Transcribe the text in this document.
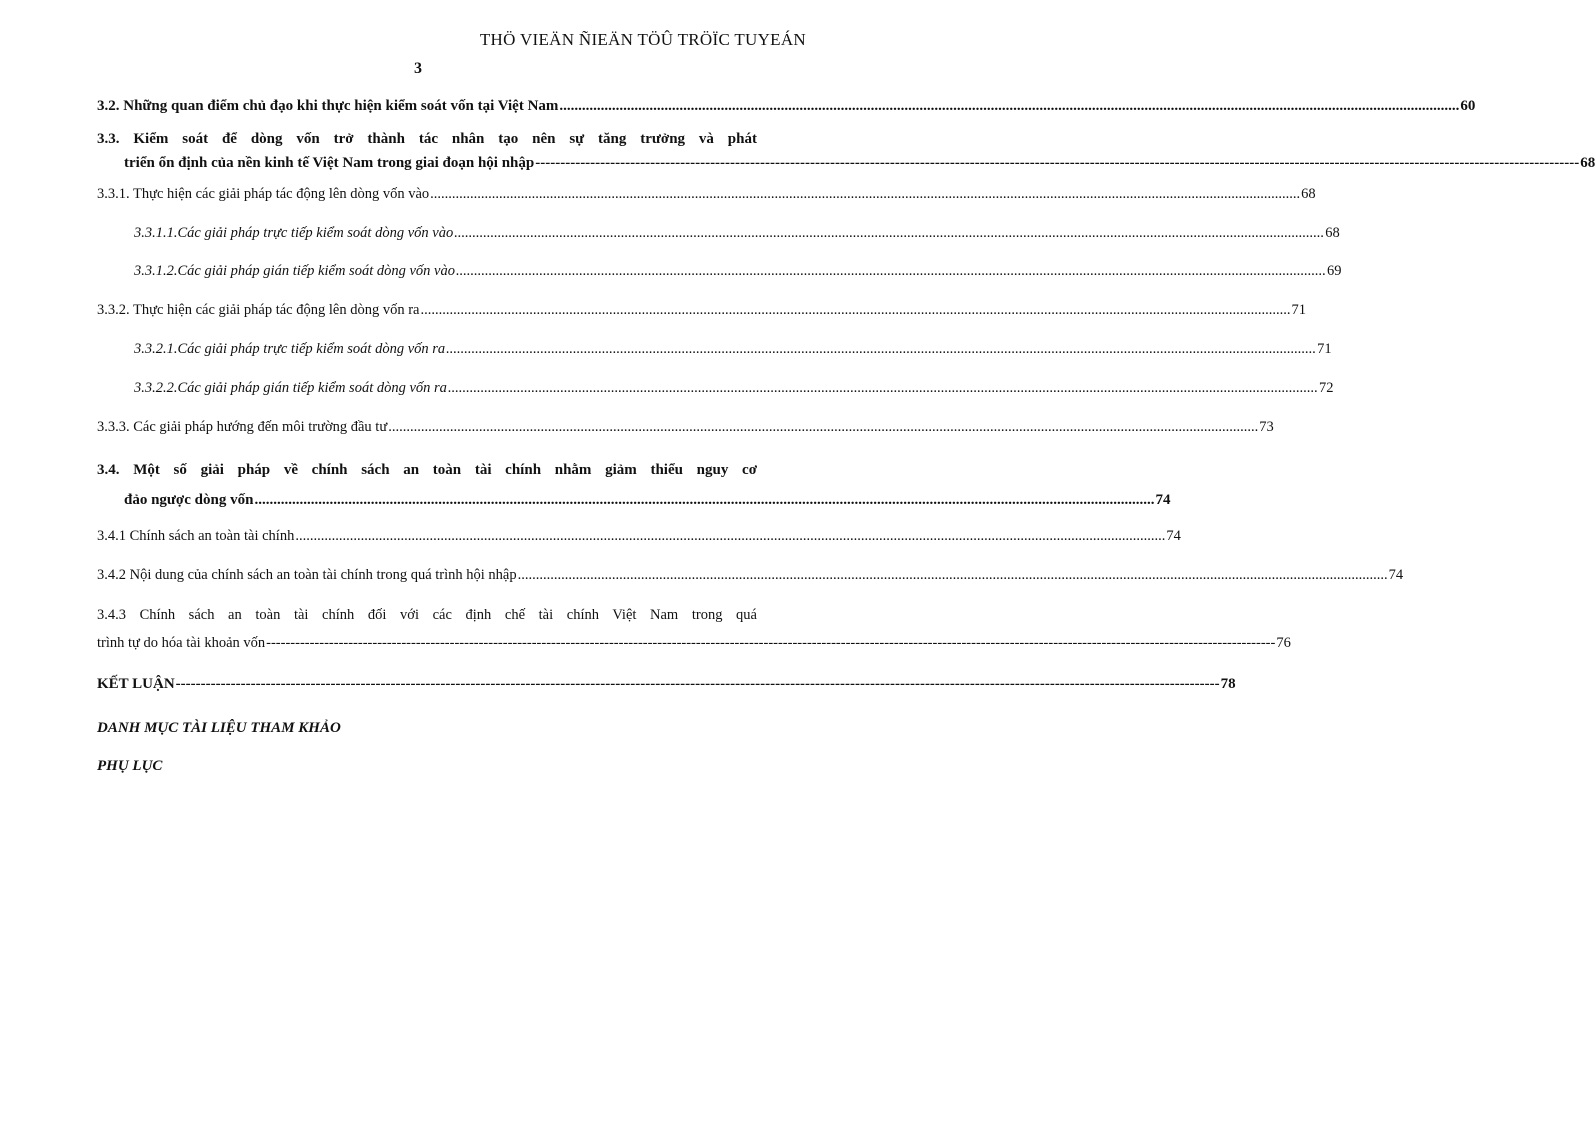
THÖ VIEÄN ÑIEÄN TÖÛ TRÖÏC TUYEÁN
3
3.2. Những quan điểm chủ đạo khi thực hiện kiểm soát vốn tại Việt Nam .....	60
3.3. Kiểm soát để dòng vốn trở thành tác nhân tạo nên sự tăng trưởng và phát
triển ổn định của nền kinh tế Việt Nam trong giai đoạn hội nhập -----	68
3.3.1. Thực hiện các giải pháp tác động lên dòng vốn vào .....	68
3.3.1.1.Các giải pháp trực tiếp kiểm soát dòng vốn vào .....	68
3.3.1.2.Các giải pháp gián tiếp kiểm soát dòng vốn vào .....	69
3.3.2. Thực hiện các giải pháp tác động lên dòng vốn ra .....	71
3.3.2.1.Các giải pháp trực tiếp kiểm soát dòng vốn ra .....	71
3.3.2.2.Các giải pháp gián tiếp kiểm soát dòng vốn ra .....	72
3.3.3. Các giải pháp hướng đến môi trường đầu tư .....	73
3.4. Một số giải pháp về chính sách an toàn tài chính nhằm giảm thiểu nguy cơ
đảo ngược dòng vốn .....	74
3.4.1 Chính sách an toàn tài chính .....	74
3.4.2 Nội dung của chính sách an toàn tài chính trong quá trình hội nhập .....	74
3.4.3 Chính sách an toàn tài chính đối với các định chế tài chính Việt Nam trong quá
trình tự do hóa tài khoản vốn -----	76
KẾT LUẬN -----	78
DANH MỤC TÀI LIỆU THAM KHẢO
PHỤ LỤC
